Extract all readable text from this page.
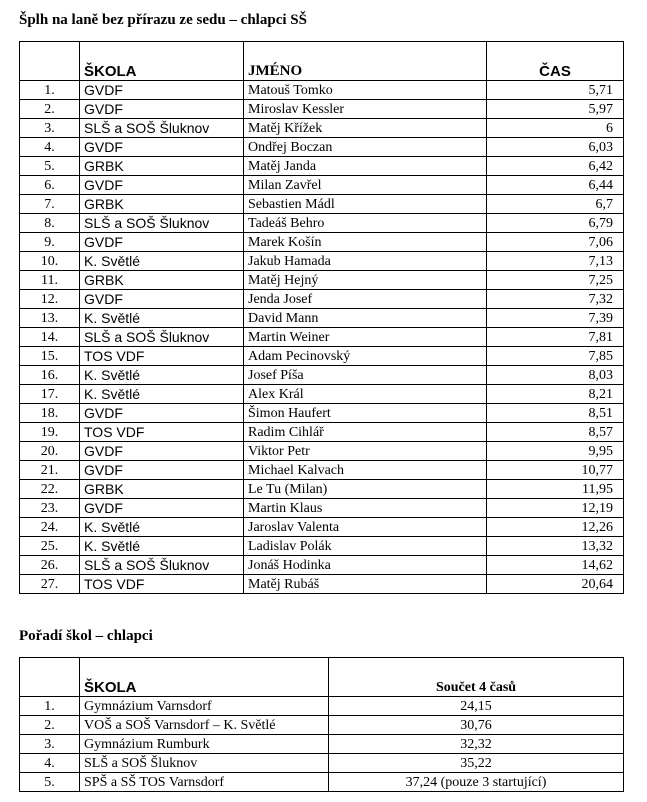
Šplh na laně bez přírazu ze sedu – chlapci SŠ
	ŠKOLA	JMÉNO	ČAS
1.	GVDF	Matouš Tomko	5,71
2.	GVDF	Miroslav Kessler	5,97
3.	SLŠ a SOŠ Šluknov	Matěj Křížek	6
4.	GVDF	Ondřej Boczan	6,03
5.	GRBK	Matěj Janda	6,42
6.	GVDF	Milan Zavřel	6,44
7.	GRBK	Sebastien Mádl	6,7
8.	SLŠ a SOŠ Šluknov	Tadeáš Behro	6,79
9.	GVDF	Marek Košín	7,06
10.	K. Světlé	Jakub Hamada	7,13
11.	GRBK	Matěj Hejný	7,25
12.	GVDF	Jenda Josef	7,32
13.	K. Světlé	David Mann	7,39
14.	SLŠ a SOŠ Šluknov	Martin Weiner	7,81
15.	TOS VDF	Adam Pecinovský	7,85
16.	K. Světlé	Josef Píša	8,03
17.	K. Světlé	Alex Král	8,21
18.	GVDF	Šimon Haufert	8,51
19.	TOS VDF	Radim Cihlář	8,57
20.	GVDF	Viktor Petr	9,95
21.	GVDF	Michael Kalvach	10,77
22.	GRBK	Le Tu (Milan)	11,95
23.	GVDF	Martin Klaus	12,19
24.	K. Světlé	Jaroslav Valenta	12,26
25.	K. Světlé	Ladislav Polák	13,32
26.	SLŠ a SOŠ Šluknov	Jonáš Hodinka	14,62
27.	TOS VDF	Matěj Rubáš	20,64
Pořadí škol – chlapci
	ŠKOLA	Součet 4 časů
1.	Gymnázium Varnsdorf	24,15
2.	VOŠ a SOŠ Varnsdorf – K. Světlé	30,76
3.	Gymnázium Rumburk	32,32
4.	SLŠ a SOŠ Šluknov	35,22
5.	SPŠ a SŠ TOS Varnsdorf	37,24 (pouze 3 startující)
